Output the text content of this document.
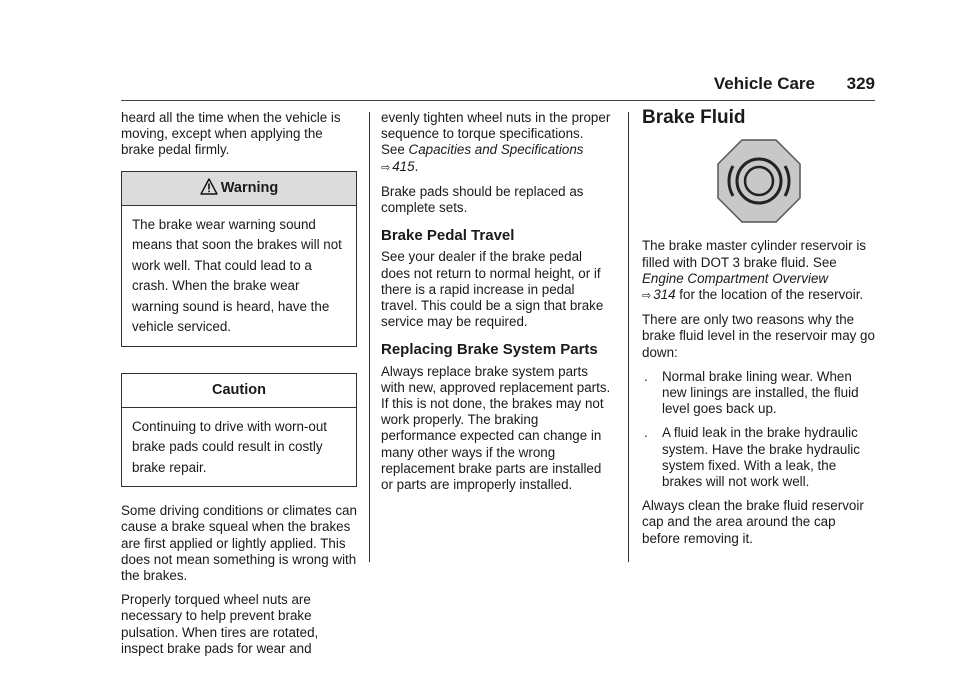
Vehicle Care 329

heard all the time when the vehicle is moving, except when applying the brake pedal firmly.

Warning
The brake wear warning sound means that soon the brakes will not work well. That could lead to a crash. When the brake wear warning sound is heard, have the vehicle serviced.
Caution
Continuing to drive with worn-out brake pads could result in costly brake repair.

Some driving conditions or climates can cause a brake squeal when the brakes are first applied or lightly applied. This does not mean something is wrong with the brakes.

Properly torqued wheel nuts are necessary to help prevent brake pulsation. When tires are rotated, inspect brake pads for wear and

evenly tighten wheel nuts in the proper sequence to torque specifications. See Capacities and Specifications ⇨ 415.

Brake pads should be replaced as complete sets.

Brake Pedal Travel

See your dealer if the brake pedal does not return to normal height, or if there is a rapid increase in pedal travel. This could be a sign that brake service may be required.

Replacing Brake System Parts

Always replace brake system parts with new, approved replacement parts. If this is not done, the brakes may not work properly. The braking performance expected can change in many other ways if the wrong replacement brake parts are installed or parts are improperly installed.

Brake Fluid

The brake master cylinder reservoir is filled with DOT 3 brake fluid. See Engine Compartment Overview
⇨ 314 for the location of the reservoir.

There are only two reasons why the brake fluid level in the reservoir may go down:

. Normal brake lining wear. When new linings are installed, the fluid level goes back up.
. A fluid leak in the brake hydraulic system. Have the brake hydraulic system fixed. With a leak, the brakes will not work well.

Always clean the brake fluid reservoir cap and the area around the cap before removing it.
